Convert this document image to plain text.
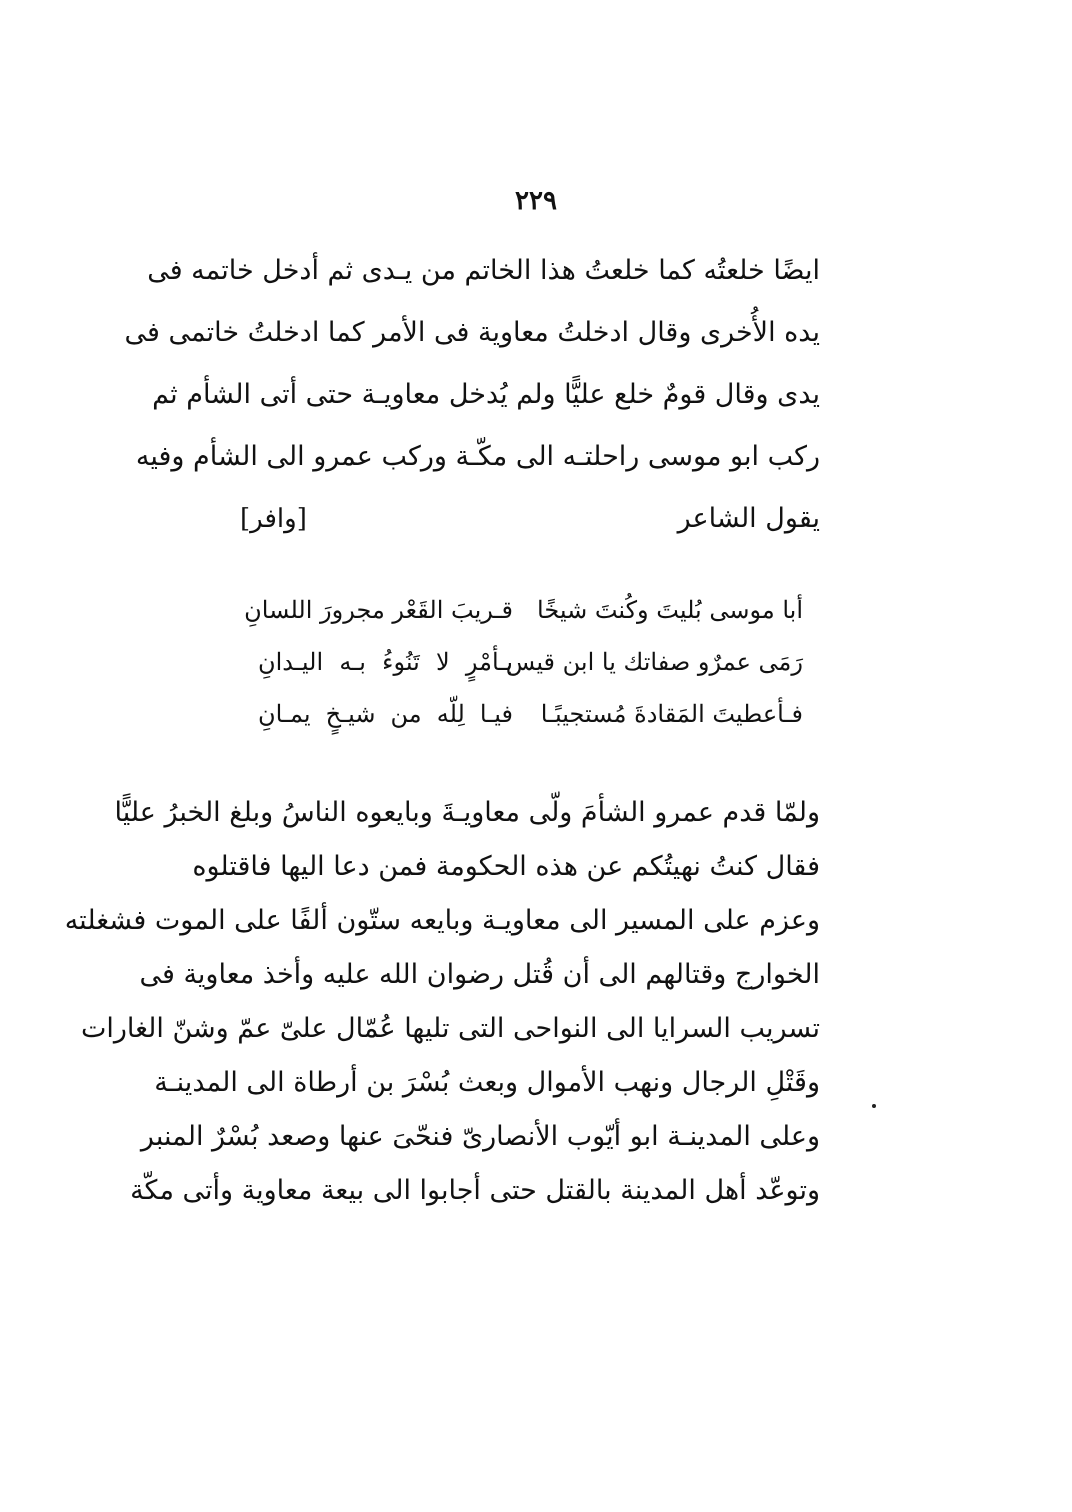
٢٢٩
ايضًا خلعتُه كما خلعتُ هذا الخاتم من يـدى ثم أدخل خاتمه فى
يده الأُخرى وقال ادخلتُ معاوية فى الأمر كما ادخلتُ خاتمى فى
يدى وقال قومٌ خلع عليًّا ولم يُدخل معاويـة حتى أتى الشأم ثم
ركب ابو موسى راحلتـه الى مكّـة وركب عمرو الى الشأم وفيه
يقول الشاعر
[وافر]
أبا موسى بُليتَ وكُنتَ شيخًا
قـريبَ القَعْر مجرورَ اللسانِ
رَمَى عمرٌو صفاتك يا ابن قيس
بـأمْرٍ لا تَنُوءُ بـه اليـدانِ
فـأعطيتَ المَقادةَ مُستجيبًـا
فيـا لِلّه من شيـخٍ يمـانِ
ولمّا قدم عمرو الشأمَ ولّى معاويـةَ وبايعوه الناسُ وبلغ الخبرُ عليًّا
فقال كنتُ نهيتُكم عن هذه الحكومة فمن دعا اليها فاقتلوه
وعزم على المسير الى معاويـة وبايعه ستّون ألفًا على الموت فشغلته
الخوارج وقتالهم الى أن قُتل رضوان الله عليه وأخذ معاوية فى
تسريب السرايا الى النواحى التى تليها عُمّال علىّ عمّ وشنّ الغارات
وقَتْلِ الرجال ونهب الأموال وبعث بُسْرَ بن أرطاة الى المدينـة
وعلى المدينـة ابو أيّوب الأنصارىّ فنحّىَ عنها وصعد بُسْرٌ المنبر
وتوعّد أهل المدينة بالقتل حتى أجابوا الى بيعة معاوية وأتى مكّة
